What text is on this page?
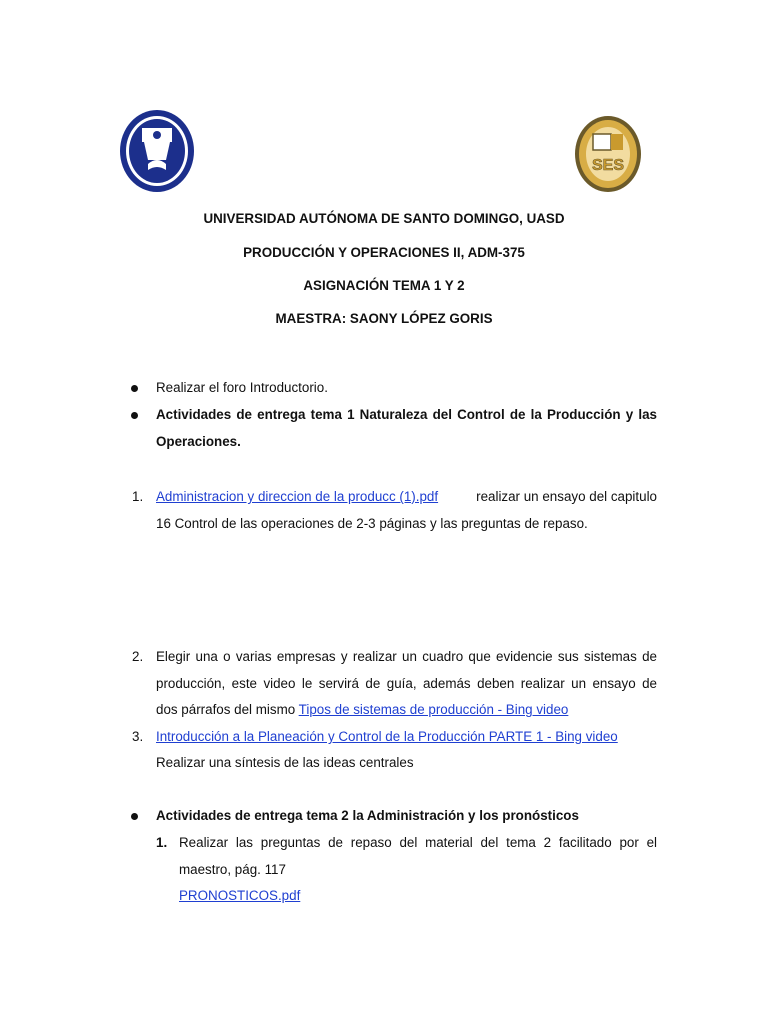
SES
UNIVERSIDAD AUTÓNOMA DE SANTO DOMINGO, UASD
PRODUCCIÓN Y OPERACIONES II, ADM-375
ASIGNACIÓN TEMA 1 Y 2
MAESTRA: SAONY LÓPEZ GORIS
Realizar el foro Introductorio.
Actividades de entrega tema 1 Naturaleza del Control de la Producción y las
Operaciones.
1. Administracion y direccion de la producc (1).pdf	realizar un ensayo del capitulo
16 Control de las operaciones de 2-3 páginas y las preguntas de repaso.
2. Elegir una o varias empresas y realizar un cuadro que evidencie sus sistemas de
producción, este video le servirá de guía, además deben realizar un ensayo de
dos párrafos del mismo Tipos de sistemas de producción - Bing video
3. Introducción a la Planeación y Control de la Producción PARTE 1 - Bing video
Realizar una síntesis de las ideas centrales
Actividades de entrega tema 2 la Administración y los pronósticos
1. Realizar las preguntas de repaso del material del tema 2 facilitado por el
maestro, pág. 117
PRONOSTICOS.pdf
